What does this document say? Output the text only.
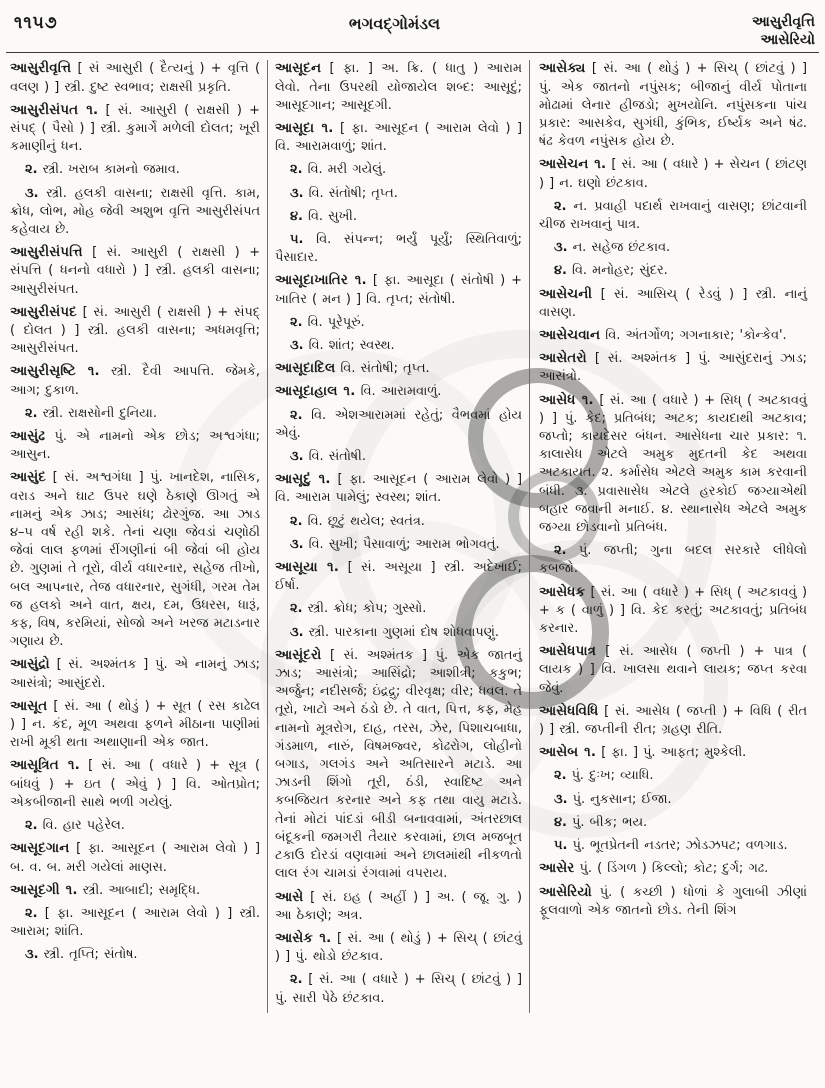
૧૧૫૭	ભગવદ્ગોમંડલ	આસુરીવૃત્તિ
આસેરિયો

આસુરીવૃત્તિ [ સં આસુરી ( દૈત્યનું ) + વૃત્તિ ( વલણ ) ] સ્ત્રી. દુષ્ટ સ્વભાવ; રાક્ષસી પ્રકૃતિ.

આસુરીસંપત ૧. [ સં. આસુરી ( રાક્ષસી ) + સંપદ્ ( પૈસો ) ] સ્ત્રી. કુમાર્ગે મળેલી દોલત; ખૂરી કમાણીનું ધન.

૨. સ્ત્રી. ખરાબ કામનો જમાવ.

૩. સ્ત્રી. હલકી વાસના; રાક્ષસી વૃત્તિ. કામ, ક્રોધ, લોભ, મોહ જેવી અશુભ વૃત્તિ આસુરીસંપત કહેવાય છે.

આસુરીસંપત્તિ [ સં. આસુરી ( રાક્ષસી ) + સંપત્તિ ( ધનનો વધારો ) ] સ્ત્રી. હલકી વાસના; આસુરીસંપત.

આસુરીસંપદ [ સં. આસુરી ( રાક્ષસી ) + સંપદ્ ( દોલત ) ] સ્ત્રી. હલકી વાસના; અધમવૃત્તિ; આસુરીસંપત.

આસુરીસૃષ્ટિ ૧. સ્ત્રી. દૈવી આપત્તિ. જેમકે, આગ; દુકાળ.

૨. સ્ત્રી. રાક્ષસોની દુનિયા.

આસુંઢ પું. એ નામનો એક છોડ; અશ્વગંધા; આસુન.

આસુંદ [ સં. અશ્વગંધા ] પું. ખાનદેશ, નાસિક, વરાડ અને ઘાટ ઉપર ઘણે ઠેકાણે ઊગતું એ નામનું એક ઝાડ; આસંધ; ઢોરગુંજ. આ ઝાડ ૪–૫ વર્ષ રહી શકે. તેનાં ચણા જેવડાં ચણોઠી જેવાં લાલ ફળમાં રીંગણીનાં બી જેવાં બી હોય છે. ગુણમાં તે તૂરો, વીર્ય વધારનાર, સહેજ તીખો, બલ આપનાર, તેજ વધારનાર, સુગંધી, ગરમ તેમ જ હલકો અને વાત, ક્ષય, દમ, ઉધરસ, ધારૂં, કફ, વિષ, કરમિયાં, સોજો અને ખરજ મટાડનાર ગણાય છે.

આસુંદ્રો [ સં. અશ્મંતક ] પું. એ નામનું ઝાડ; આસંત્રો; આસુંદરો.

આસૂત [ સં. આ ( થોડું ) + સૂત ( રસ કાઢેલ ) ] ન. કંદ, મૂળ અથવા ફળને મીઠાના પાણીમાં રાખી મૂકી થતા અથાણાની એક જાત.

આસૂત્રિત ૧. [ સં. આ ( વધારે ) + સૂત્ર ( બાંધવું ) + ઇત ( એવું ) ] વિ. ઓતપ્રોત; એકબીજાની સાથે ભળી ગયેલું.

૨. વિ. હાર પહેરેલ.

આસૂદગાન [ ફા. આસૂદન ( આરામ લેવો ) ] બ. વ. બ. મરી ગયેલાં માણસ.

આસૂદગી ૧. સ્ત્રી. આબાદી; સમૃદ્ધિ.

૨. [ ફા. આસૂદન ( આરામ લેવો ) ] સ્ત્રી. આરામ; શાંતિ.

૩. સ્ત્રી. તૃપ્તિ; સંતોષ.

આસૂદન [ ફા. ] અ. ક્રિ. ( ધાતુ ) આરામ લેવો. તેના ઉપરથી યોજાયેલ શબ્દ: આસૂદું; આસૂદગાન; આસૂદગી.

આસૂદા ૧. [ ફા. આસૂદન ( આરામ લેવો ) ] વિ. આરામવાળું; શાંત.

૨. વિ. મરી ગયેલું.

૩. વિ. સંતોષી; તૃપ્ત.

૪. વિ. સુખી.

૫. વિ. સંપન્ન; ભર્યું પૂર્યું; સ્થિતિવાળું; પૈસાદાર.

આસૂદાખાતિર ૧. [ ફા. આસૂદા ( સંતોષી ) + ખાતિર ( મન ) ] વિ. તૃપ્ત; સંતોષી.

૨. વિ. પૂરેપૂરું.

૩. વિ. શાંત; સ્વસ્થ.

આસૂદાદિલ વિ. સંતોષી; તૃપ્ત.

આસૂદાહાલ ૧. વિ. આરામવાળું.

૨. વિ. એશઆરામમાં રહેતું; વૈભવમાં હોય એવું.

૩. વિ. સંતોષી.

આસૂદું ૧. [ ફા. આસૂદન ( આરામ લેવો ) ] વિ. આરામ પામેલું; સ્વસ્થ; શાંત.

૨. વિ. છૂટું થયેલ; સ્વતંત્ર.

૩. વિ. સુખી; પૈસાવાળું; આરામ ભોગવતું.

આસૂયા ૧. [ સં. અસૂયા ] સ્ત્રી. અદેખાઈ; ઈર્ષા.

૨. સ્ત્રી. ક્રોધ; કોપ; ગુસ્સો.

૩. સ્ત્રી. પારકાના ગુણમાં દોષ શોધવાપણું.

આસૂંદરો [ સં. અશ્મંતક ] પું. એક જાતનું ઝાડ; આસંત્રો; આસિંદ્રો; આશીત્રી; કકુભ; અર્જુન; નદીસર્જ; ઇંદ્રદ્રુ; વીરવૃક્ષ; વીર; ધવલ. તે તૂરો, ખાટો અને ઠંડો છે. તે વાત, પિત્ત, કફ, મેહ નામનો મૂત્રરોગ, દાહ, તરસ, ઝેર, પિશાચબાધા, ગંડમાળ, નારું, વિષમજ્વર, કોઢરોગ, લોહીનો બગાડ, ગલગંડ અને અતિસારને મટાડે. આ ઝાડની શિંગો તૂરી, ઠંડી, સ્વાદિષ્ટ અને કબજિયત કરનાર અને કફ તથા વાયુ મટાડે. તેનાં મોટાં પાંદડાં બીડી બનાવવામાં, અંતરછાલ બંદૂકની જમગરી તૈયાર કરવામાં, છાલ મજબૂત ટકાઉ દોરડાં વણવામાં અને છાલમાંથી નીકળતો લાલ રંગ ચામડાં રંગવામાં વપરાય.

આસે [ સં. ઇહ ( અહીં ) ] અ. ( જૂ. ગુ. ) આ ઠેકાણે; અત્ર.

આસેક ૧. [ સં. આ ( થોડું ) + સિચ્ ( છાંટવું ) ] પું. થોડો છંટકાવ.

૨. [ સં. આ ( વધારે ) + સિચ્ ( છાંટવું ) ] પું. સારી પેઠે છંટકાવ.

આસેક્ય [ સં. આ ( થોડું ) + સિચ્ ( છાંટવું ) ] પું. એક જાતનો નપુંસક; બીજાનું વીર્ય પોતાના મોઢામાં લેનાર હીજડો; મુખયોનિ. નપુંસકના પાંચ પ્રકાર: આસકેવ, સુગંધી, કુંભિક, ઈર્ષ્યક અને ષંઢ. ષંઢ કેવળ નપુંસક હોય છે.

આસેચન ૧. [ સં. આ ( વધારે ) + સેચન ( છાંટણ ) ] ન. ઘણો છંટકાવ.

૨. ન. પ્રવાહી પદાર્થ રાખવાનું વાસણ; છાંટવાની ચીજ રાખવાનું પાત્ર.

૩. ન. સહેજ છંટકાવ.

૪. વિ. મનોહર; સુંદર.

આસેચની [ સં. આસિચ્ ( રેડવું ) ] સ્ત્રી. નાનું વાસણ.

આસેચવાન વિ. અંતર્ગોળ; ગગનાકાર; 'કોન્કેવ'.

આસેતરો [ સં. અશ્મંતક ] પું. આસુંદરાનું ઝાડ; આસંત્રો.

આસેધ ૧. [ સં. આ ( વધારે ) + સિધ્ ( અટકાવવું ) ] પું. કેદ; પ્રતિબંધ; અટક; કાયદાથી અટકાવ; જપ્તો; કાયદેસર બંધન. આસેધના ચાર પ્રકાર: ૧. કાલાસેધ એટલે અમુક મુદતની કેદ અથવા અટકાયત. ૨. કર્માસેધ એટલે અમુક કામ કરવાની બંધી. ૩. પ્રવાસાસેધ એટલે હરકોઈ જગ્યાએથી બહાર જવાની મનાઈ. ૪. સ્થાનાસેધ એટલે અમુક જગ્યા છોડવાનો પ્રતિબંધ.

૨. પું. જપ્તી; ગુના બદલ સરકારે લીધેલો કબજો.

આસેધક [ સં. આ ( વધારે ) + સિધ્ ( અટકાવવું ) + ક ( વાળું ) ] વિ. કેદ કરતું; અટકાવતું; પ્રતિબંધ કરનાર.

આસેધપાત્ર [ સં. આસેધ ( જપ્તી ) + પાત્ર ( લાયક ) ] વિ. ખાલસા થવાને લાયક; જપ્ત કરવા જેવું.

આસેધવિધિ [ સં. આસેધ ( જપ્તી ) + વિધિ ( રીત ) ] સ્ત્રી. જપ્તીની રીત; ગ્રહણ રીતિ.

આસેબ ૧. [ ફા. ] પું. આફત; મુશ્કેલી.

૨. પું. દુઃખ; વ્યાધિ.

૩. પું. નુકસાન; ઈજા.

૪. પું. બીક; ભય.

૫. પું. ભૂતપ્રેતની નડતર; ઝોડઝપટ; વળગાડ.

આસેર પું. ( ડિંગળ ) કિલ્લો; કોટ; દુર્ગ; ગઢ.

આસેરિયો પું. ( કચ્છી ) ધોળાં કે ગુલાબી ઝીણાં ફૂલવાળો એક જાતનો છોડ. તેની શિંગ
